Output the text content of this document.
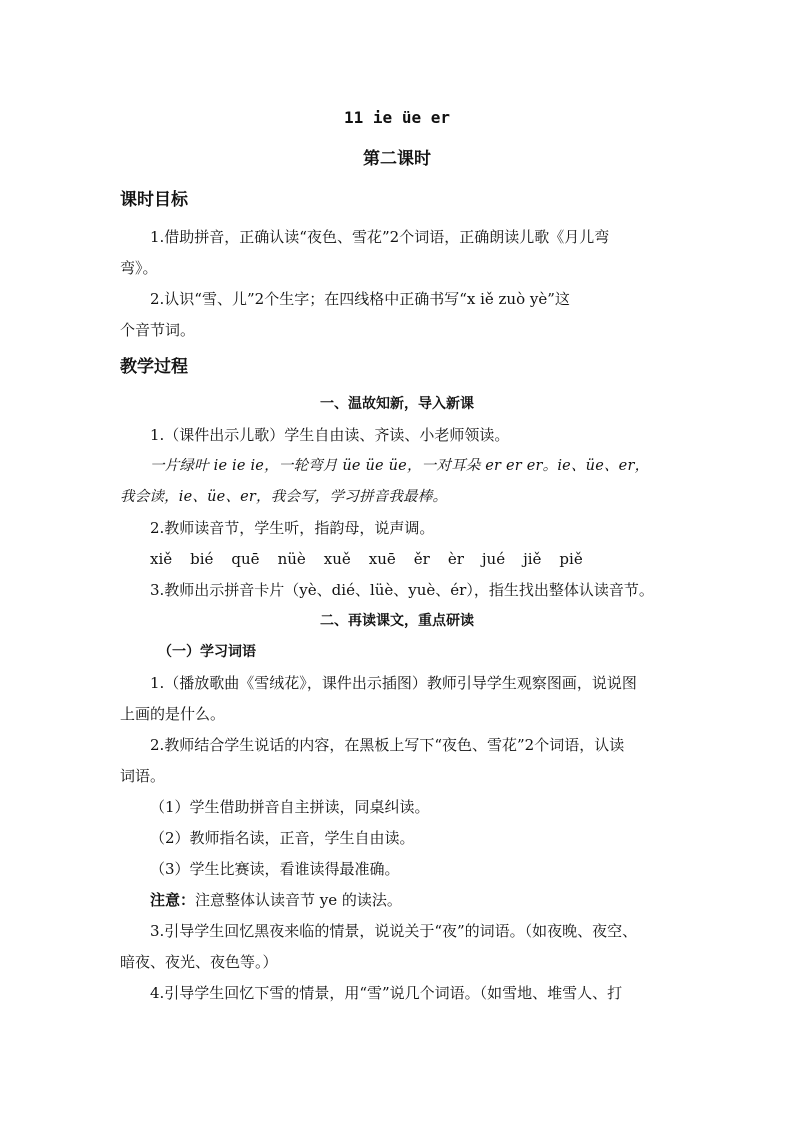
11 ie üe er
第二课时
课时目标
1.借助拼音，正确认读“夜色、雪花”2个词语，正确朗读儿歌《月儿弯
弯》。
2.认识“雪、儿”2个生字；在四线格中正确书写“x iě zuò yè”这
个音节词。
教学过程
一、温故知新，导入新课
1.（课件出示儿歌）学生自由读、齐读、小老师领读。
一片绿叶 ie ie ie，一轮弯月 üe üe üe，一对耳朵 er er er。ie、üe、er，
我会读，ie、üe、er，我会写，学习拼音我最棒。
2.教师读音节，学生听，指韵母，说声调。
xiě bié quē nüè xuě xuē ěr èr jué jiě piě
3.教师出示拼音卡片（yè、dié、lüè、yuè、ér），指生找出整体认读音节。
二、再读课文，重点研读
（一）学习词语
1.（播放歌曲《雪绒花》，课件出示插图）教师引导学生观察图画，说说图
上画的是什么。
2.教师结合学生说话的内容，在黑板上写下“夜色、雪花”2个词语，认读
词语。
（1）学生借助拼音自主拼读，同桌纠读。
（2）教师指名读，正音，学生自由读。
（3）学生比赛读，看谁读得最准确。
注意：注意整体认读音节 ye 的读法。
3.引导学生回忆黑夜来临的情景，说说关于“夜”的词语。（如夜晚、夜空、
暗夜、夜光、夜色等。）
4.引导学生回忆下雪的情景，用“雪”说几个词语。（如雪地、堆雪人、打
